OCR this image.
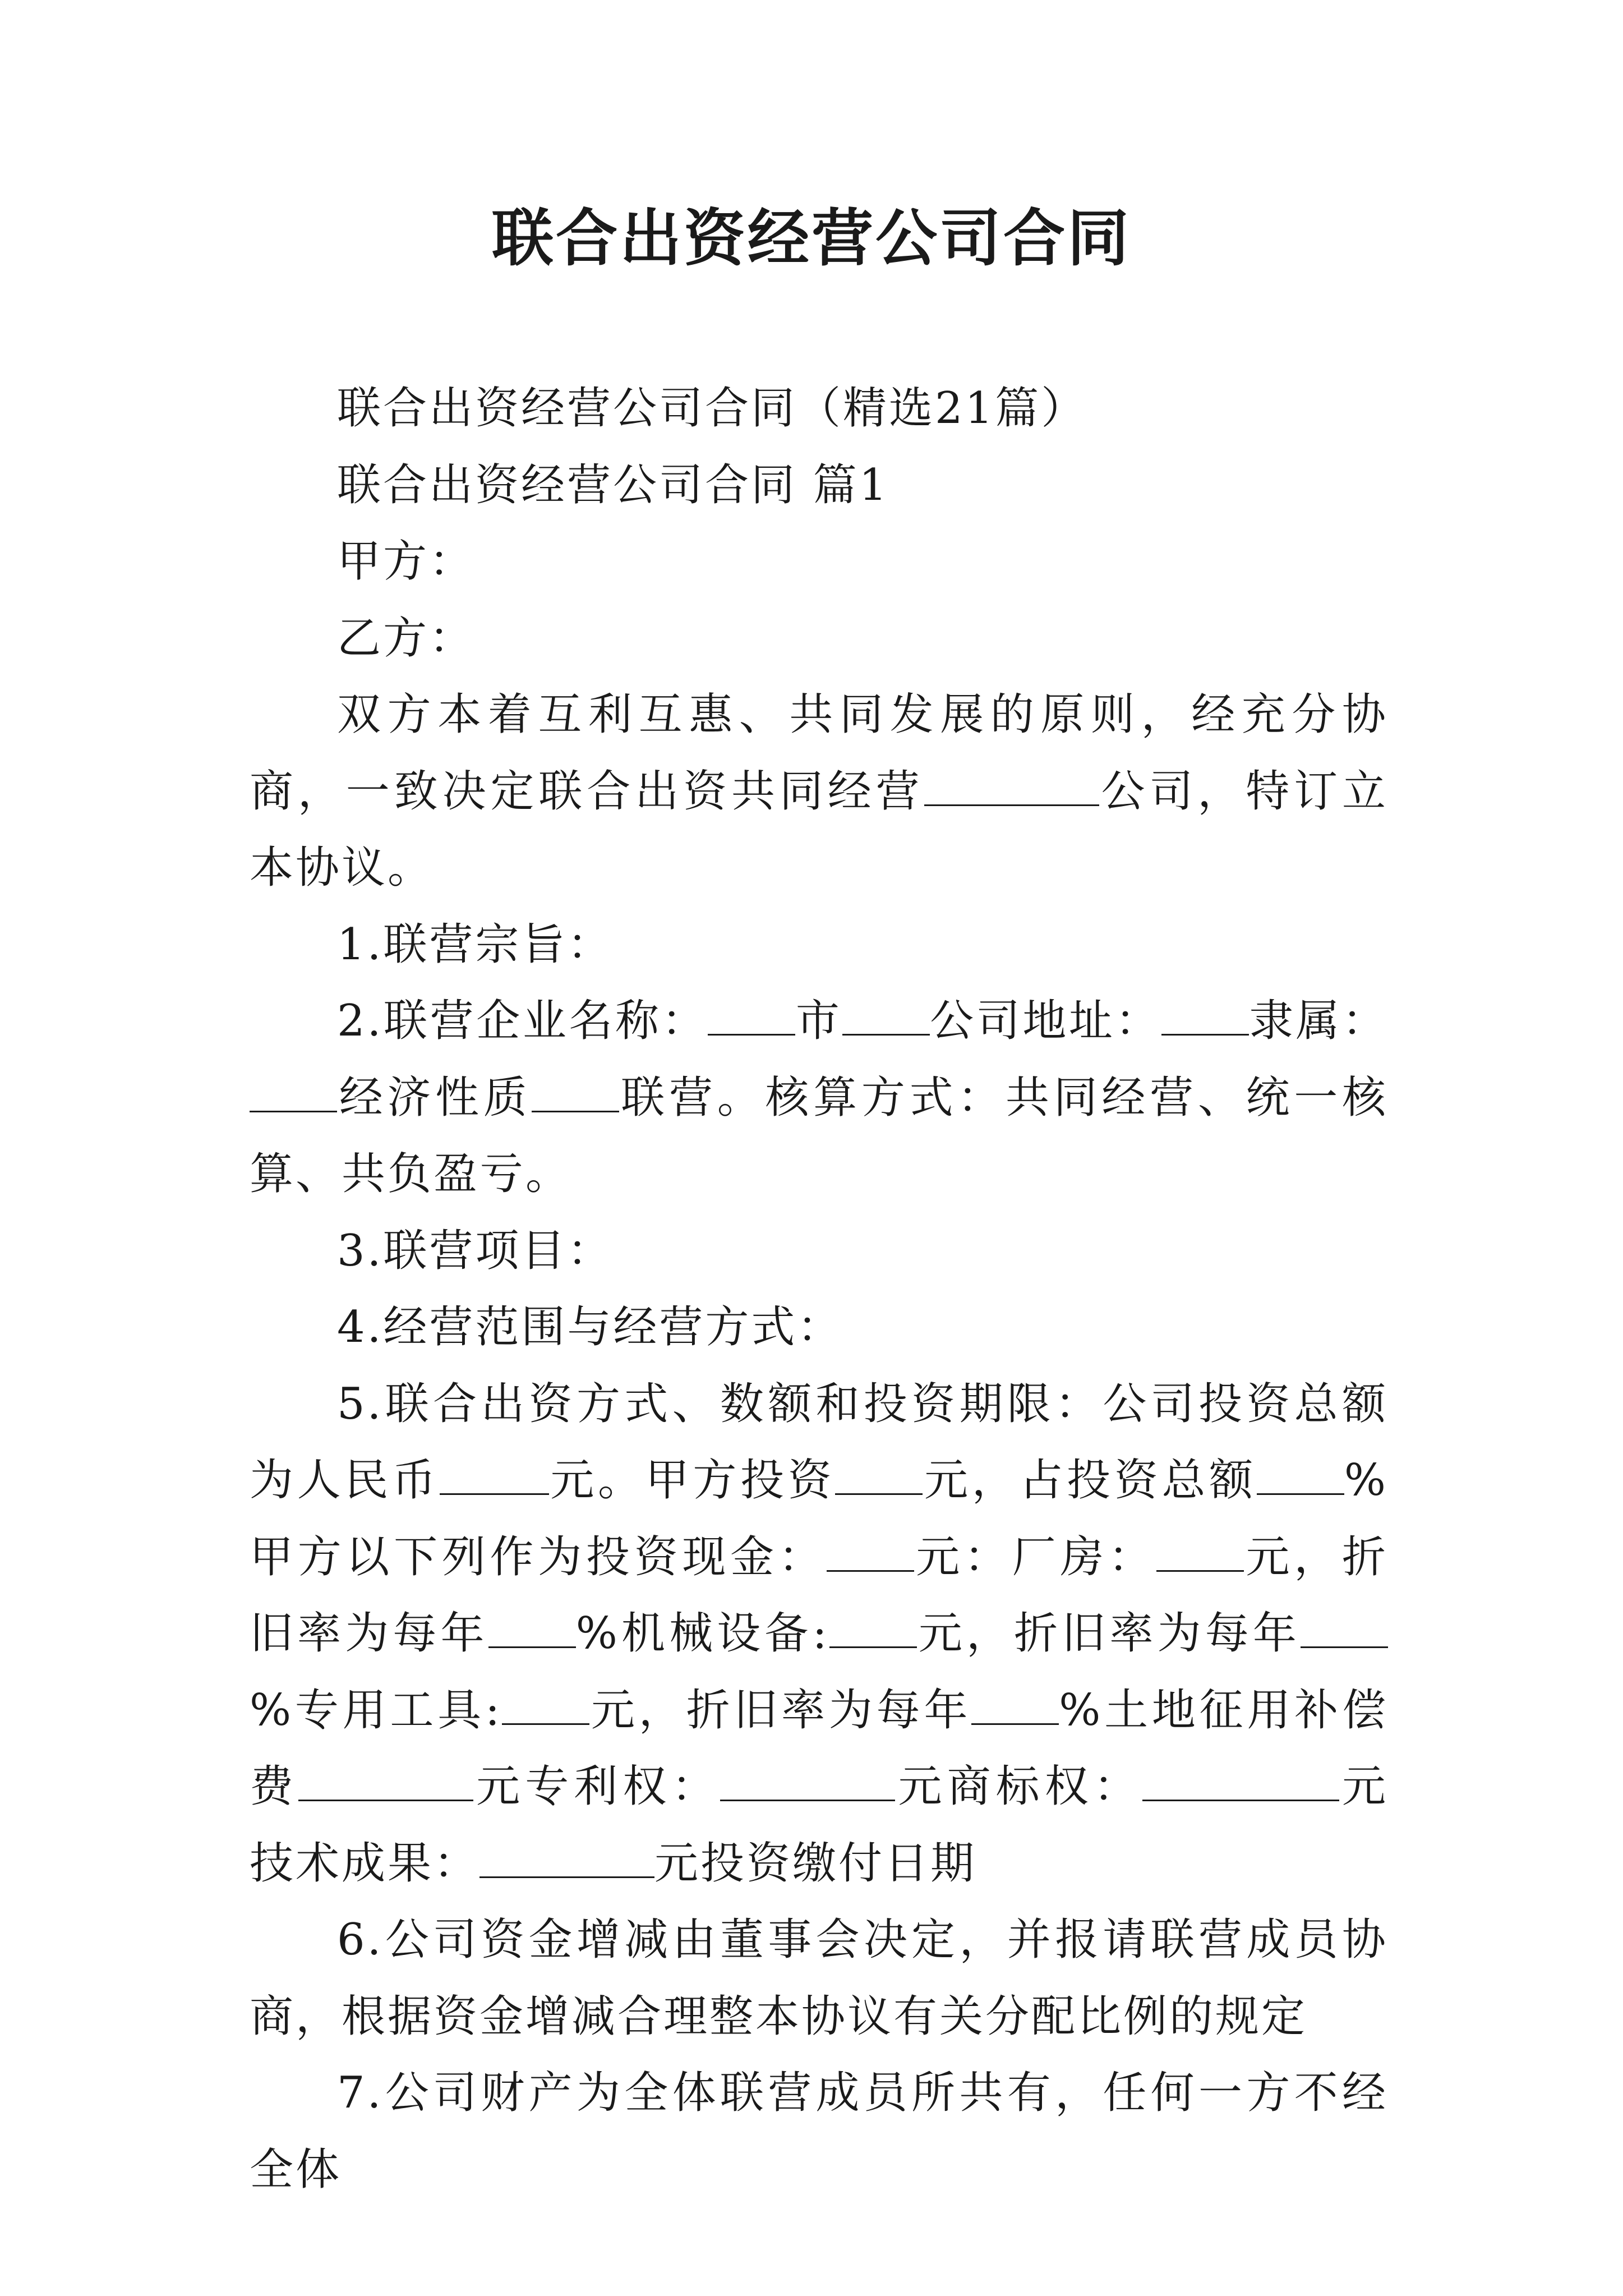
联合出资经营公司合同

联合出资经营公司合同（精选21篇）

联合出资经营公司合同 篇1

甲方：

乙方：

双方本着互利互惠、共同发展的原则，经充分协商，一致决定联合出资共同经营	公司，特订立本协议。

1.联营宗旨：

2.联营企业名称： 市 公司地址： 隶属：经济性质 联营。核算方式：共同经营、统一核算、共负盈亏。

3.联营项目：

4.经营范围与经营方式：

5.联合出资方式、数额和投资期限：公司投资总额为人民币	元。甲方投资 元，占投资总额 %甲方以下列作为投资现金： 元：厂房： 元，折旧率为每年 %机械设备: 元，折旧率为每年%专用工具: 元，折旧率为每年 %土地征用补偿费	元专利权：	元商标权：	元技术成果：	元投资缴付日期

6.公司资金增减由董事会决定，并报请联营成员协商，根据资金增减合理整本协议有关分配比例的规定

7.公司财产为全体联营成员所共有，任何一方不经全体
